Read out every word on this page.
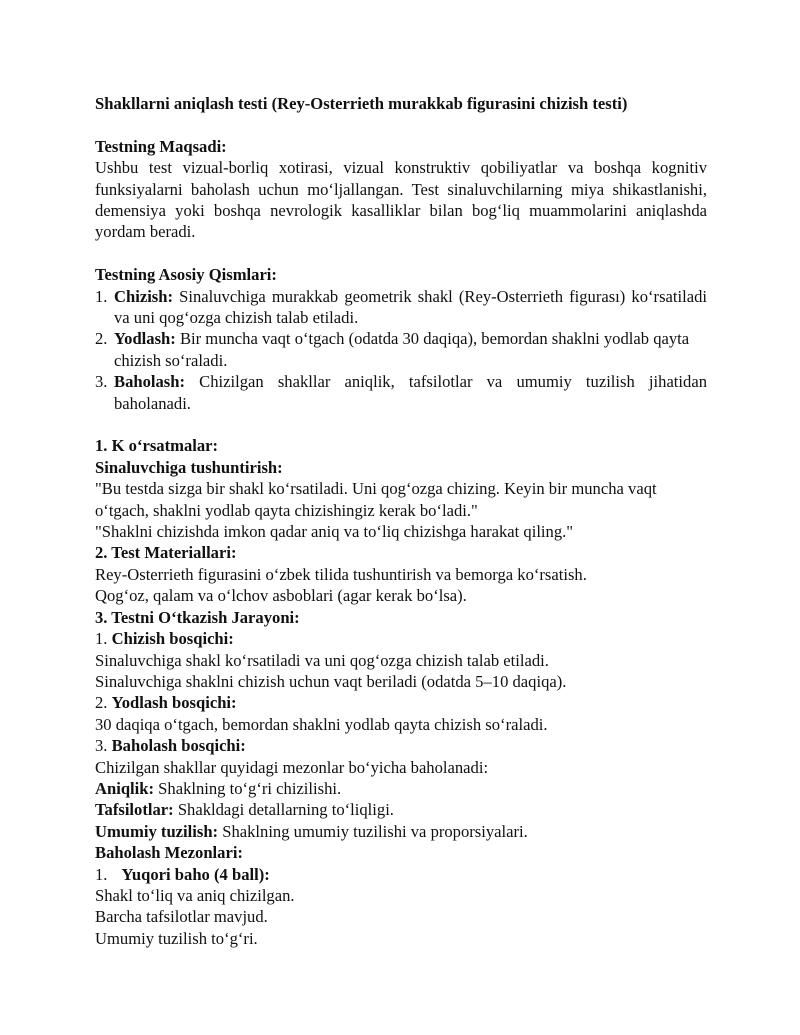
Shakllarni aniqlash testi (Rey-Osterrieth murakkab figurasini chizish testi)

Testning Maqsadi:

Ushbu test vizual-borliq xotirasi, vizual konstruktiv qobiliyatlar va boshqa kognitiv funksiyalarni baholash uchun mo‘ljallangan. Test sinaluvchilarning miya shikastlanishi, demensiya yoki boshqa nevrologik kasalliklar bilan bog‘liq muammolarini aniqlashda yordam beradi.

Testning Asosiy Qismlari:

1. Chizish: Sinaluvchiga murakkab geometrik shakl (Rey-Osterrieth figurası) ko‘rsatiladi va uni qog‘ozga chizish talab etiladi.
2. Yodlash: Bir muncha vaqt o‘tgach (odatda 30 daqiqa), bemordan shaklni yodlab qayta chizish so‘raladi.
3. Baholash: Chizilgan shakllar aniqlik, tafsilotlar va umumiy tuzilish jihatidan baholanadi.

1. K o‘rsatmalar:

Sinaluvchiga tushuntirish:

"Bu testda sizga bir shakl ko‘rsatiladi. Uni qog‘ozga chizing. Keyin bir muncha vaqt o‘tgach, shaklni yodlab qayta chizishingiz kerak bo‘ladi."

"Shaklni chizishda imkon qadar aniq va to‘liq chizishga harakat qiling."

2. Test Materiallari:

Rey-Osterrieth figurasini o‘zbek tilida tushuntirish va bemorga ko‘rsatish.

Qog‘oz, qalam va o‘lchov asboblari (agar kerak bo‘lsa).

3. Testni O‘tkazish Jarayoni:

1. Chizish bosqichi:

Sinaluvchiga shakl ko‘rsatiladi va uni qog‘ozga chizish talab etiladi.

Sinaluvchiga shaklni chizish uchun vaqt beriladi (odatda 5–10 daqiqa).

2. Yodlash bosqichi:

30 daqiqa o‘tgach, bemordan shaklni yodlab qayta chizish so‘raladi.

3. Baholash bosqichi:

Chizilgan shakllar quyidagi mezonlar bo‘yicha baholanadi:

Aniqlik: Shaklning to‘g‘ri chizilishi.

Tafsilotlar: Shakldagi detallarning to‘liqligi.

Umumiy tuzilish: Shaklning umumiy tuzilishi va proporsiyalari.

Baholash Mezonlari:

1. Yuqori baho (4 ball):

Shakl to‘liq va aniq chizilgan.

Barcha tafsilotlar mavjud.

Umumiy tuzilish to‘g‘ri.
